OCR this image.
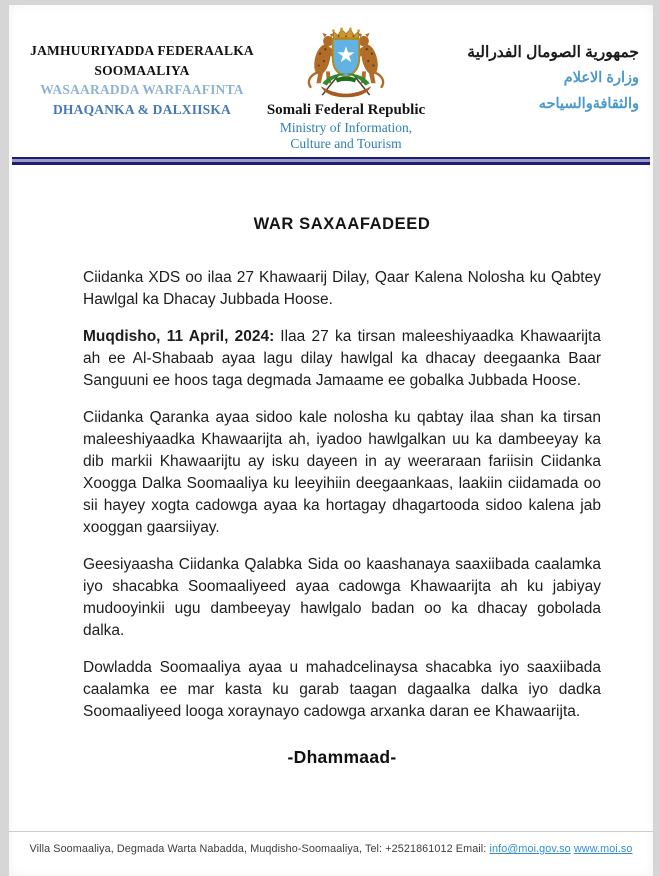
JAMHUURIYADDA FEDERAALKA
SOOMAALIYA
WASAARADDA WARFAAFINTA
DHAQANKA & DALXIISKA	Somali Federal Republic
Ministry of Information, Culture and Tourism
جمهورية الصومال الفدرالية
وزارة الاعلام
والثقافةوالسياحه
WAR SAXAAFADEED

Ciidanka XDS oo ilaa 27 Khawaarij Dilay, Qaar Kalena Nolosha ku Qabtey Hawlgal ka Dhacay Jubbada Hoose.

Muqdisho, 11 April, 2024: Ilaa 27 ka tirsan maleeshiyaadka Khawaarijta ah ee Al-Shabaab ayaa lagu dilay hawlgal ka dhacay deegaanka Baar Sanguuni ee hoos taga degmada Jamaame ee gobalka Jubbada Hoose.

Ciidanka Qaranka ayaa sidoo kale nolosha ku qabtay ilaa shan ka tirsan maleeshiyaadka Khawaarijta ah, iyadoo hawlgalkan uu ka dambeeyay ka dib markii Khawaarijtu ay isku dayeen in ay weeraraan fariisin Ciidanka Xoogga Dalka Soomaaliya ku leeyihiin deegaankaas, laakiin ciidamada oo sii hayey xogta cadowga ayaa ka hortagay dhagartooda sidoo kalena jab xooggan gaarsiiyay.

Geesiyaasha Ciidanka Qalabka Sida oo kaashanaya saaxiibada caalamka iyo shacabka Soomaaliyeed ayaa cadowga Khawaarijta ah ku jabiyay mudooyinkii ugu dambeeyay hawlgalo badan oo ka dhacay gobolada dalka.

Dowladda Soomaaliya ayaa u mahadcelinaysa shacabka iyo saaxiibada caalamka ee mar kasta ku garab taagan dagaalka dalka iyo dadka Soomaaliyeed looga xoraynayo cadowga arxanka daran ee Khawaarijta.

-Dhammaad-
Villa Soomaaliya, Degmada Warta Nabadda, Muqdisho-Soomaaliya, Tel: +2521861012 Email: info@moi.gov.so www.moi.so
